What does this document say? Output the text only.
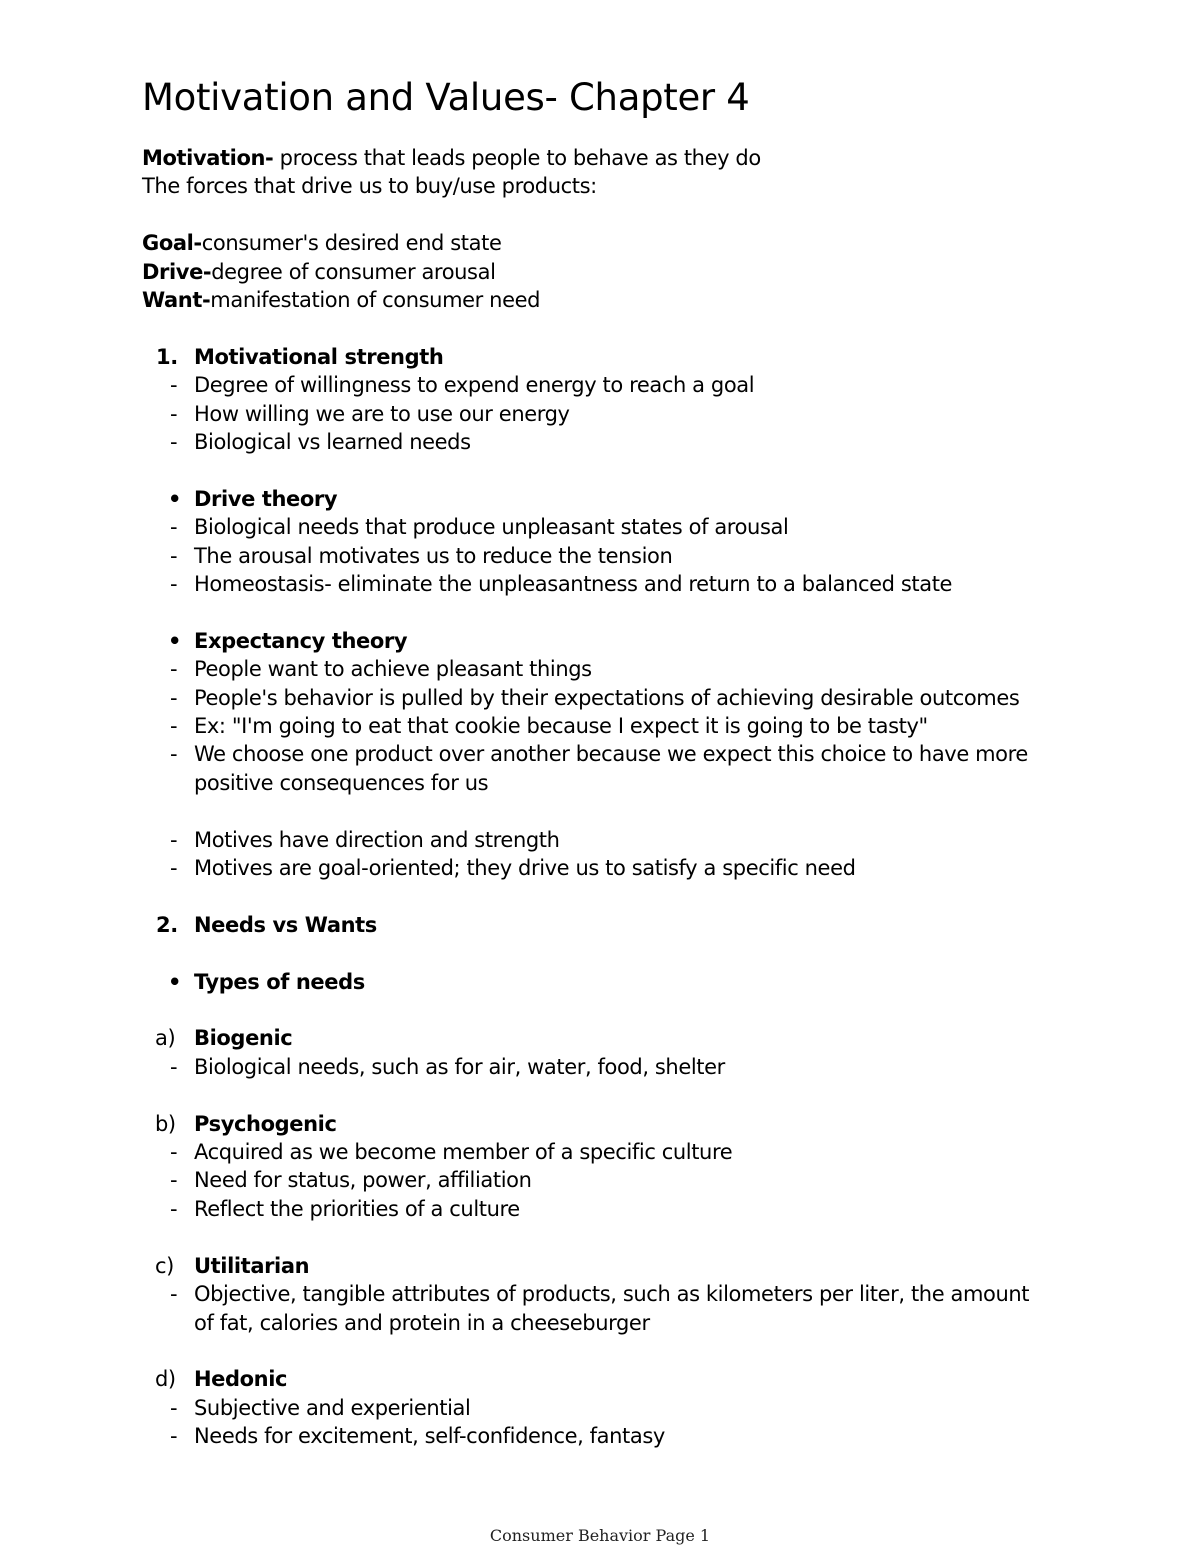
Motivation and Values- Chapter 4
Motivation- process that leads people to behave as they do
The forces that drive us to buy/use products:
Goal-consumer's desired end state
Drive-degree of consumer arousal
Want-manifestation of consumer need
1. Motivational strength
- Degree of willingness to expend energy to reach a goal
- How willing we are to use our energy
- Biological vs learned needs
• Drive theory
- Biological needs that produce unpleasant states of arousal
- The arousal motivates us to reduce the tension
- Homeostasis- eliminate the unpleasantness and return to a balanced state
• Expectancy theory
- People want to achieve pleasant things
- People's behavior is pulled by their expectations of achieving desirable outcomes
- Ex: "I'm going to eat that cookie because I expect it is going to be tasty"
- We choose one product over another because we expect this choice to have more
positive consequences for us
- Motives have direction and strength
- Motives are goal-oriented; they drive us to satisfy a specific need
2. Needs vs Wants
• Types of needs
a) Biogenic
- Biological needs, such as for air, water, food, shelter
b) Psychogenic
- Acquired as we become member of a specific culture
- Need for status, power, affiliation
- Reflect the priorities of a culture
c) Utilitarian
- Objective, tangible attributes of products, such as kilometers per liter, the amount
of fat, calories and protein in a cheeseburger
d) Hedonic
- Subjective and experiential
- Needs for excitement, self-confidence, fantasy
Consumer Behavior Page 1
